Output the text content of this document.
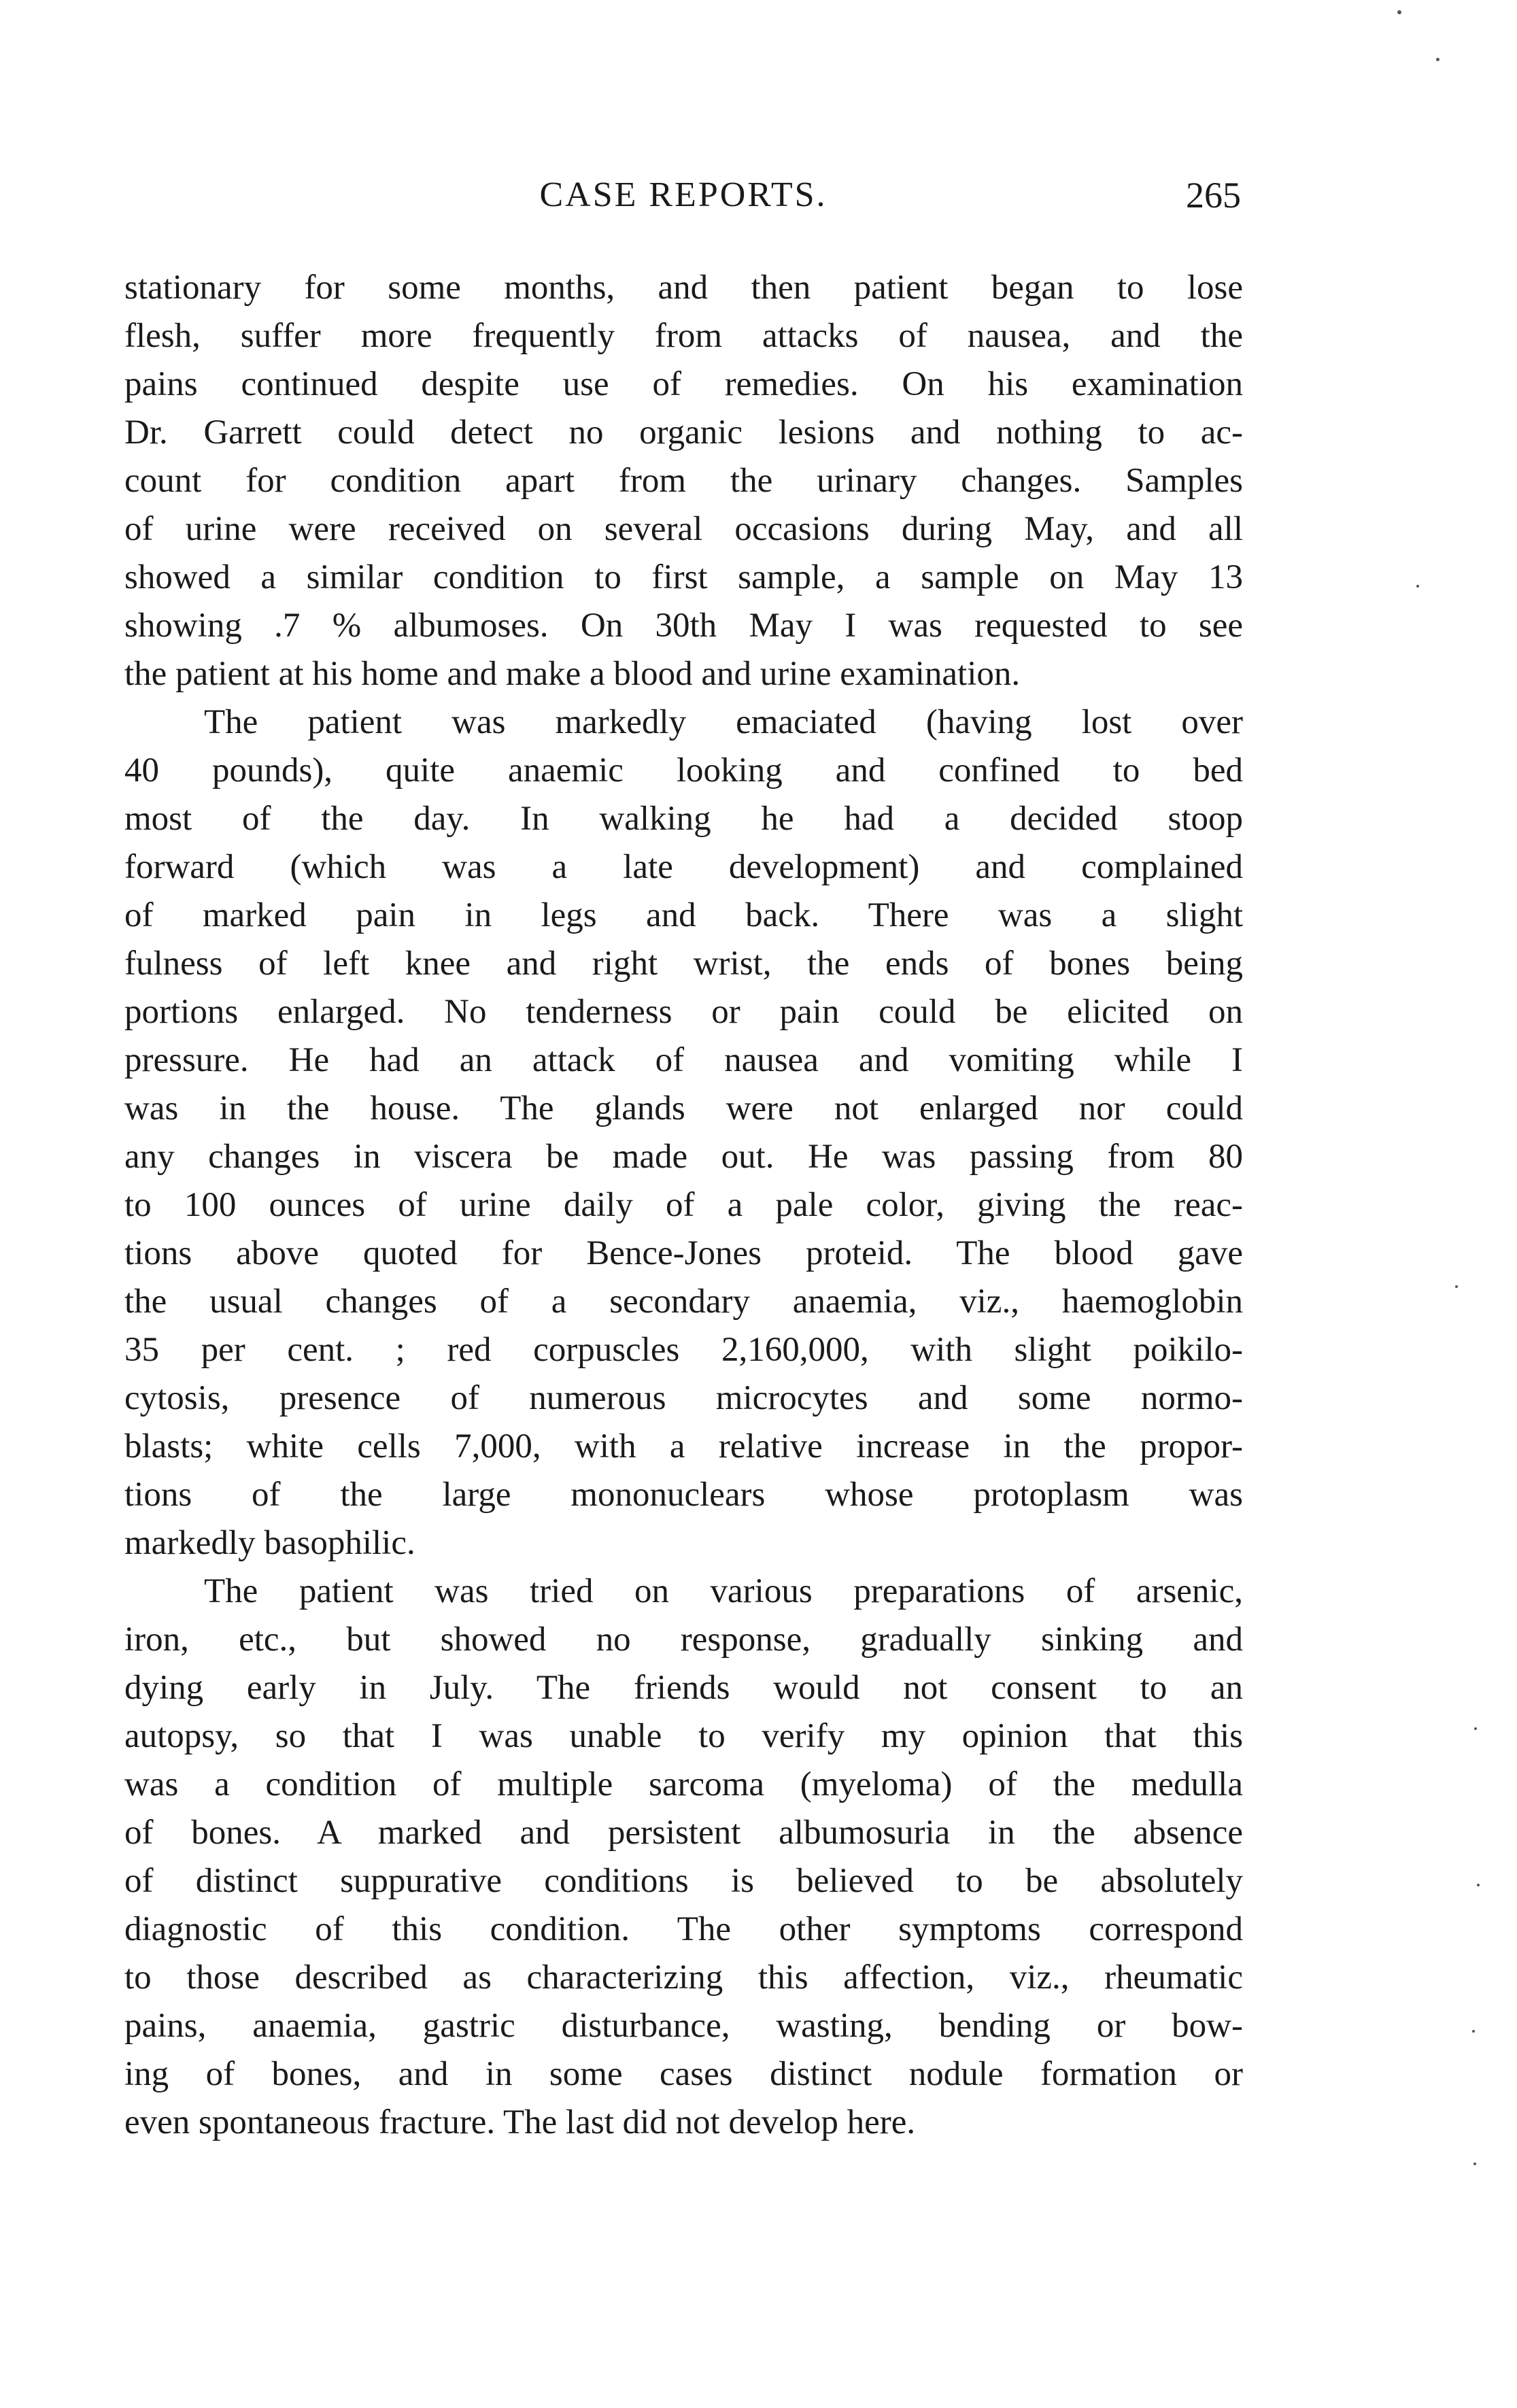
CASE REPORTS.	265

stationary for some months, and then patient began to lose
flesh, suffer more frequently from attacks of nausea, and the
pains continued despite use of remedies. On his examination
Dr. Garrett could detect no organic lesions and nothing to ac-
count for condition apart from the urinary changes. Samples
of urine were received on several occasions during May, and all
showed a similar condition to first sample, a sample on May 13
showing .7 % albumoses. On 30th May I was requested to see
the patient at his home and make a blood and urine examination.

The patient was markedly emaciated (having lost over
40 pounds), quite anaemic looking and confined to bed
most of the day. In walking he had a decided stoop
forward (which was a late development) and complained
of marked pain in legs and back. There was a slight
fulness of left knee and right wrist, the ends of bones being
portions enlarged. No tenderness or pain could be elicited on
pressure. He had an attack of nausea and vomiting while I
was in the house. The glands were not enlarged nor could
any changes in viscera be made out. He was passing from 80
to 100 ounces of urine daily of a pale color, giving the reac-
tions above quoted for Bence-Jones proteid. The blood gave
the usual changes of a secondary anaemia, viz., haemoglobin
35 per cent. ; red corpuscles 2,160,000, with slight poikilo-
cytosis, presence of numerous microcytes and some normo-
blasts; white cells 7,000, with a relative increase in the propor-
tions of the large mononuclears whose protoplasm was
markedly basophilic.

The patient was tried on various preparations of arsenic,
iron, etc., but showed no response, gradually sinking and
dying early in July. The friends would not consent to an
autopsy, so that I was unable to verify my opinion that this
was a condition of multiple sarcoma (myeloma) of the medulla
of bones. A marked and persistent albumosuria in the absence
of distinct suppurative conditions is believed to be absolutely
diagnostic of this condition. The other symptoms correspond
to those described as characterizing this affection, viz., rheumatic
pains, anaemia, gastric disturbance, wasting, bending or bow-
ing of bones, and in some cases distinct nodule formation or
even spontaneous fracture. The last did not develop here.
